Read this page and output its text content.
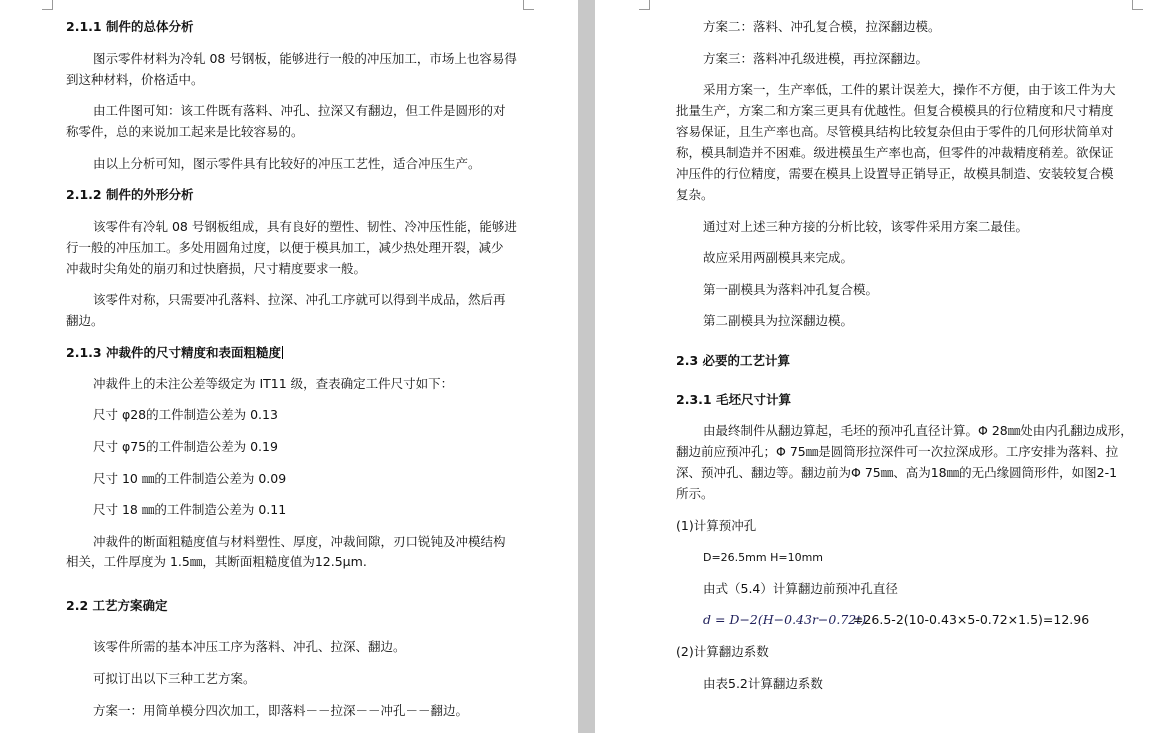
2.1.1 制件的总体分析
图示零件材料为冷轧 08 号钢板，能够进行一般的冲压加工，市场上也容易得
到这种材料，价格适中。
由工件图可知：该工件既有落料、冲孔、拉深又有翻边，但工件是圆形的对
称零件，总的来说加工起来是比较容易的。
由以上分析可知，图示零件具有比较好的冲压工艺性，适合冲压生产。
2.1.2 制件的外形分析
该零件有冷轧 08 号钢板组成，具有良好的塑性、韧性、冷冲压性能，能够进
行一般的冲压加工。多处用圆角过度，以便于模具加工，减少热处理开裂，减少
冲裁时尖角处的崩刃和过快磨损，尺寸精度要求一般。
该零件对称，只需要冲孔落料、拉深、冲孔工序就可以得到半成品，然后再
翻边。
2.1.3 冲裁件的尺寸精度和表面粗糙度
冲裁件上的未注公差等级定为 IT11 级，查表确定工件尺寸如下：
尺寸 φ28的工件制造公差为 0.13
尺寸 φ75的工件制造公差为 0.19
尺寸 10 ㎜的工件制造公差为 0.09
尺寸 18 ㎜的工件制造公差为 0.11
冲裁件的断面粗糙度值与材料塑性、厚度，冲裁间隙，刃口锐钝及冲模结构
相关，工件厚度为 1.5㎜，其断面粗糙度值为12.5μm.
2.2 工艺方案确定
该零件所需的基本冲压工序为落料、冲孔、拉深、翻边。
可拟订出以下三种工艺方案。
方案一：用简单模分四次加工，即落料－－拉深－－冲孔－－翻边。
方案二：落料、冲孔复合模，拉深翻边模。
方案三：落料冲孔级进模，再拉深翻边。
采用方案一，生产率低，工件的累计误差大，操作不方便，由于该工件为大
批量生产，方案二和方案三更具有优越性。但复合模模具的行位精度和尺寸精度
容易保证，且生产率也高。尽管模具结构比较复杂但由于零件的几何形状简单对
称，模具制造并不困难。级进模虽生产率也高，但零件的冲裁精度稍差。欲保证
冲压件的行位精度，需要在模具上设置导正销导正，故模具制造、安装较复合模
复杂。
通过对上述三种方接的分析比较，该零件采用方案二最佳。
故应采用两副模具来完成。
第一副模具为落料冲孔复合模。
第二副模具为拉深翻边模。
2.3 必要的工艺计算
2.3.1 毛坯尺寸计算
由最终制件从翻边算起，毛坯的预冲孔直径计算。Φ 28㎜处由内孔翻边成形，
翻边前应预冲孔；Φ 75㎜是圆筒形拉深件可一次拉深成形。工序安排为落料、拉
深、预冲孔、翻边等。翻边前为Φ 75㎜、高为18㎜的无凸缘圆筒形件，如图2-1
所示。
(1)计算预冲孔
D=26.5mm H=10mm
由式（5.4）计算翻边前预冲孔直径
d = D−2(H−0.43r−0.72t)
=26.5-2(10-0.43×5-0.72×1.5)=12.96
(2)计算翻边系数
由表5.2计算翻边系数
